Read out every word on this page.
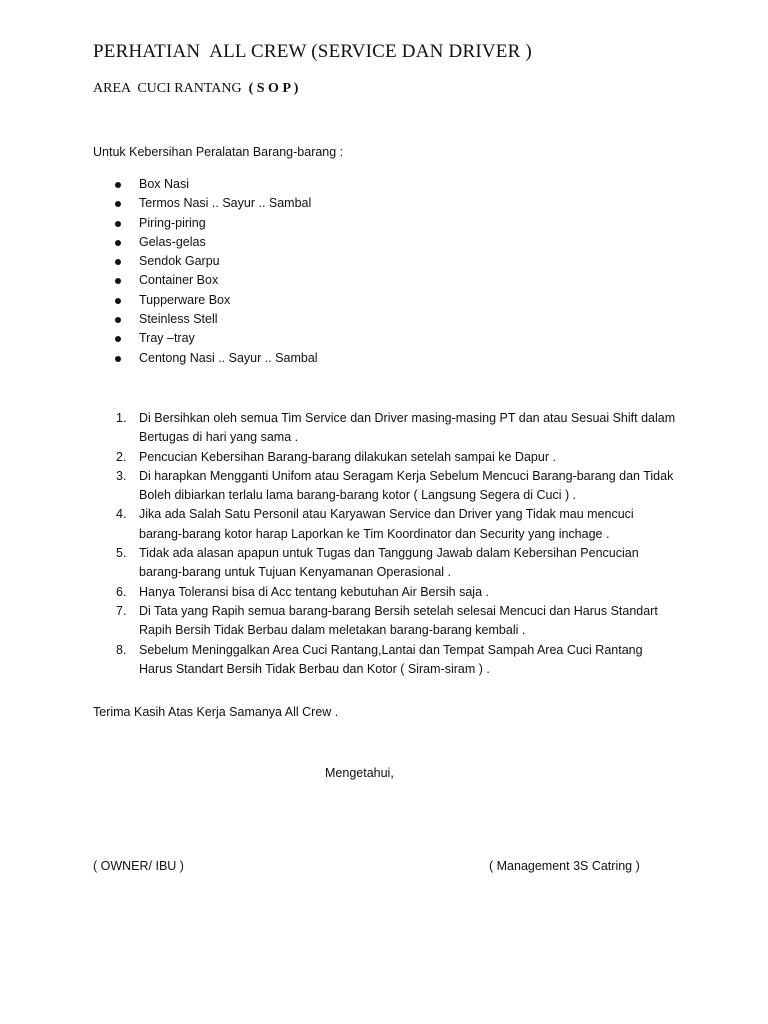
PERHATIAN  ALL CREW (SERVICE DAN DRIVER )
AREA  CUCI RANTANG  ( S O P )
Untuk Kebersihan Peralatan Barang-barang :
Box Nasi
Termos Nasi .. Sayur .. Sambal
Piring-piring
Gelas-gelas
Sendok Garpu
Container Box
Tupperware Box
Steinless Stell
Tray –tray
Centong Nasi .. Sayur .. Sambal
1. Di Bersihkan oleh semua Tim Service dan Driver masing-masing PT dan atau Sesuai Shift dalam Bertugas di hari yang sama .
2. Pencucian Kebersihan Barang-barang dilakukan setelah sampai ke Dapur .
3. Di harapkan Mengganti Unifom atau Seragam Kerja Sebelum Mencuci Barang-barang dan Tidak Boleh dibiarkan terlalu lama barang-barang kotor ( Langsung Segera di Cuci ) .
4. Jika ada Salah Satu Personil atau Karyawan Service dan Driver yang Tidak mau mencuci barang-barang kotor harap Laporkan ke Tim Koordinator dan Security yang inchage .
5. Tidak ada alasan apapun untuk Tugas dan Tanggung Jawab dalam Kebersihan Pencucian barang-barang untuk Tujuan Kenyamanan Operasional .
6. Hanya Toleransi bisa di Acc tentang kebutuhan Air Bersih saja .
7. Di Tata yang Rapih semua barang-barang Bersih setelah selesai Mencuci dan Harus Standart Rapih Bersih Tidak Berbau dalam meletakan barang-barang kembali .
8. Sebelum Meninggalkan Area Cuci Rantang,Lantai dan Tempat Sampah Area Cuci Rantang Harus Standart Bersih Tidak Berbau dan Kotor ( Siram-siram ) .
Terima Kasih Atas Kerja Samanya All Crew .
Mengetahui,
( OWNER/ IBU )	( Management 3S Catring )
